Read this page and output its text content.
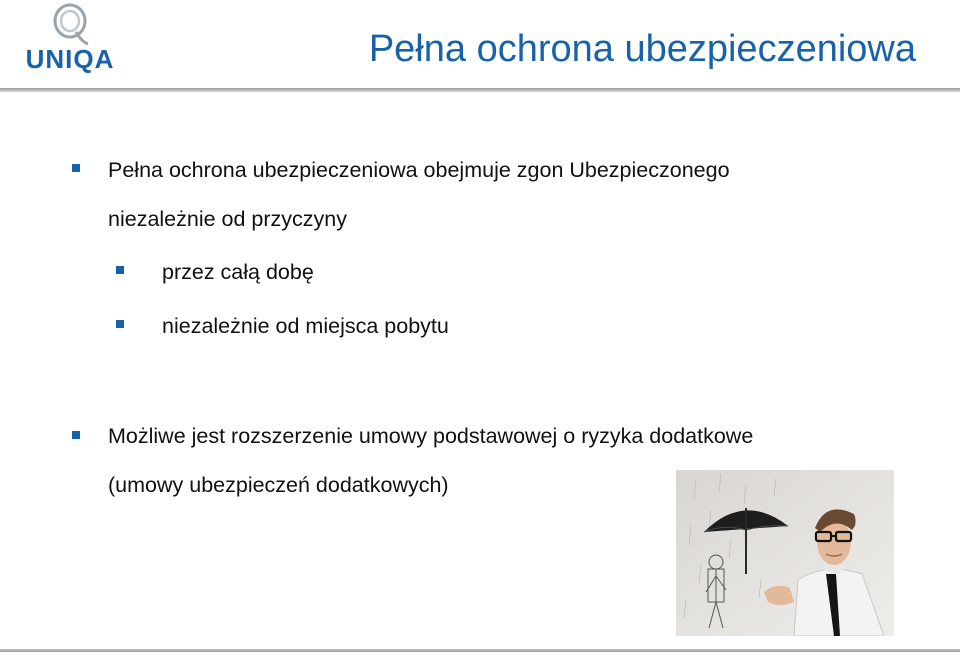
UNIQA	Pełna ochrona ubezpieczeniowa
Pełna ochrona ubezpieczeniowa obejmuje zgon Ubezpieczonego
niezależnie od przyczyny
przez całą dobę
niezależnie od miejsca pobytu
Możliwe jest rozszerzenie umowy podstawowej o ryzyka dodatkowe
(umowy ubezpieczeń dodatkowych)
